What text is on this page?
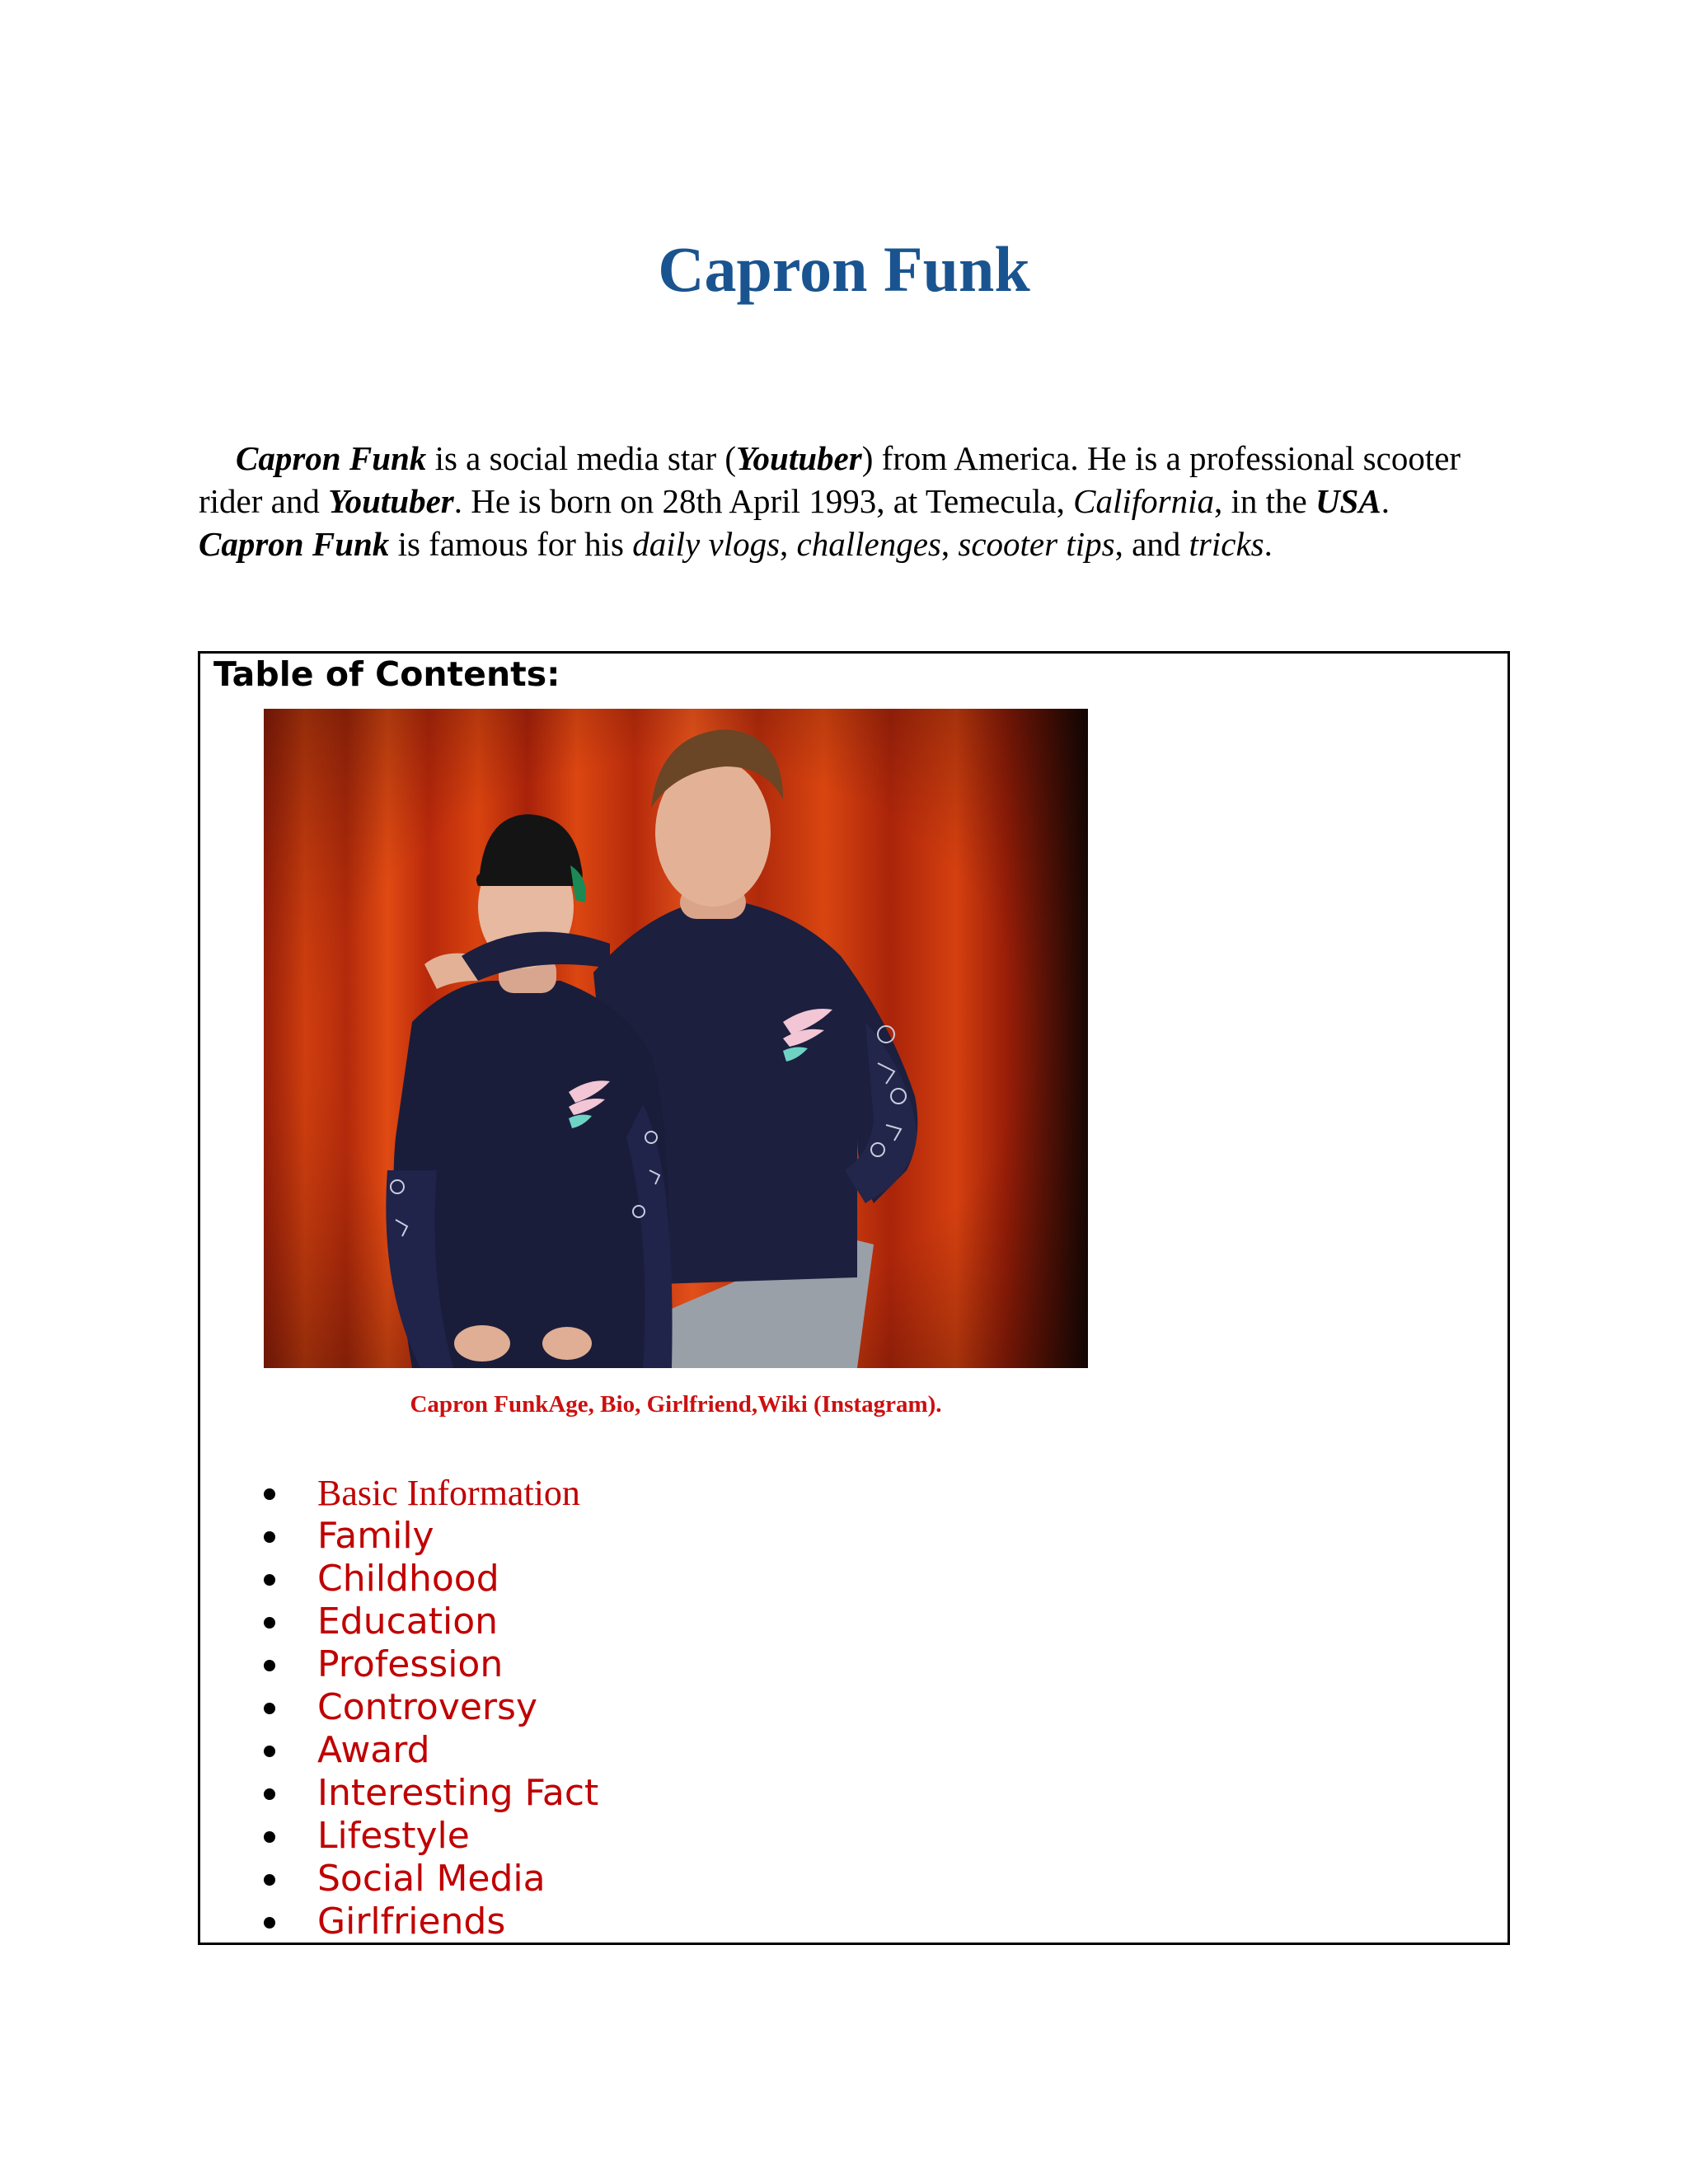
Capron Funk

Capron Funk is a social media star (Youtuber) from America. He is a professional scooter rider and Youtuber. He is born on 28th April 1993, at Temecula, California, in the USA. Capron Funk is famous for his daily vlogs, challenges, scooter tips, and tricks.

Table of Contents:

Capron FunkAge, Bio, Girlfriend,Wiki (Instagram).

Basic Information
Family
Childhood
Education
Profession
Controversy
Award
Interesting Fact
Lifestyle
Social Media
Girlfriends
